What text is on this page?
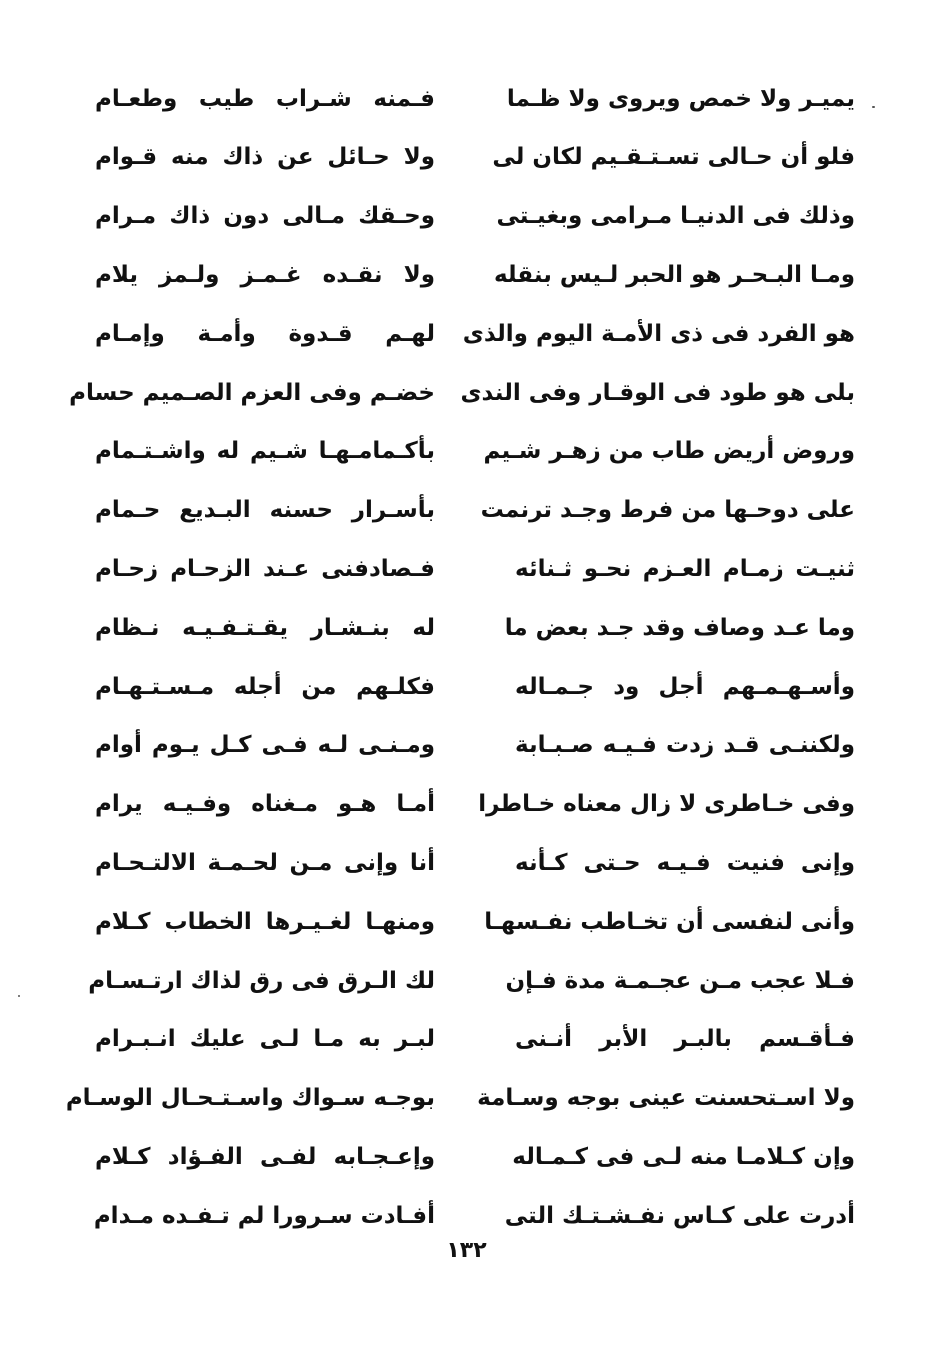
يميـر ولا خمص ويروى ولا ظـما
فـمنه شـراب طيب وطعـام
فلو أن حـالى تسـتـقـيم لكان لى
ولا حـائل عن ذاك منه قـوام
وذلك فى الدنيـا مـرامى وبغيـتى
وحـقك مـالى دون ذاك مـرام
ومـا البـحـر هو الحبر لـيس بنقله
ولا نقـده غـمـز ولـمز يلام
هو الفرد فى ذى الأمـة اليوم والذى
لهـم قـدوة وأمـة وإمـام
بلى هو طود فى الوقـار وفى الندى
خضـم وفى العزم الصـميم حسام
وروض أريض طاب من زهـر شـيم
بأكـمامـهـا شـيم له واشـتـمام
على دوحـها من فرط وجـد ترنمت
بأسـرار حسنه البـديع حـمام
ثنيـت زمـام العـزم نحـو ثـنائه
فـصادفنى عـند الزحـام زحـام
وما عـد وصاف وقد جـد بعض ما
له بنـشـار يقـتـفـيـه نـظام
وأسـهـمـهم أجل ود جـمـاله
فكلـهم من أجله مـسـتـهـام
ولكننـى قـد زدت فـيـه صـبـابة
ومـنـى لـه فـى كـل يـوم أوام
وفى خـاطرى لا زال معناه خـاطرا
أمـا هـو مـغناه وفـيـه يرام
وإنى فنيت فـيـه حـتى كـأنه
أنا وإنى مـن لحـمـة الالتـحـام
وأنى لنفسى أن تخـاطب نفـسهـا
ومنهـا لغـيـرها الخطاب كـلام
فـلا عجب مـن عجـمـة مدة فـإن
لك الـرق فى رق لذاك ارتـسـام
فـأقـسم بالبـر الأبر أنـنى
لبـر به مـا لـى عليك انـبـرام
ولا اسـتحسنت عينى بوجه وسـامة
بوجـه سـواك واسـتـحـال الوسـام
وإن كـلامـا منه لـى فى كـمـاله
وإعـجـابه لفـى الفـؤاد كـلام
أدرت على كـاس نفـشـتـك التى
أفـادت سـرورا لم تـفـده مـدام
١٣٢
